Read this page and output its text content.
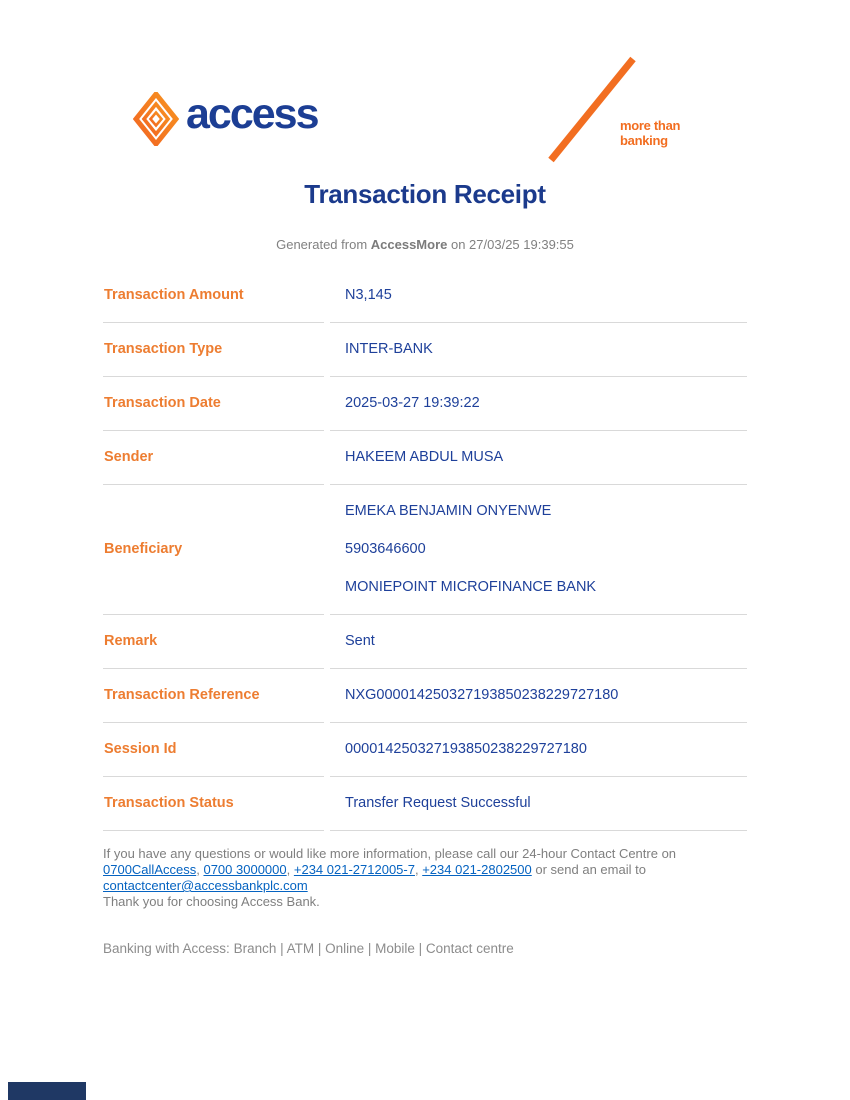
access	more than banking
Transaction Receipt
Generated from AccessMore on 27/03/25 19:39:55
Transaction Amount	N3,145
Transaction Type	INTER-BANK
Transaction Date	2025-03-27 19:39:22
Sender	HAKEEM ABDUL MUSA
Beneficiary	EMEKA BENJAMIN ONYENWE
5903646600
MONIEPOINT MICROFINANCE BANK

Remark	Sent
Transaction Reference	NXG000014250327193850238229727180
Session Id	000014250327193850238229727180
Transaction Status	Transfer Request Successful
If you have any questions or would like more information, please call our 24-hour Contact Centre on
0700CallAccess, 0700 3000000, +234 021-2712005-7, +234 021-2802500 or send an email to
contactcenter@accessbankplc.com
Thank you for choosing Access Bank.
Banking with Access: Branch | ATM | Online | Mobile | Contact centre
